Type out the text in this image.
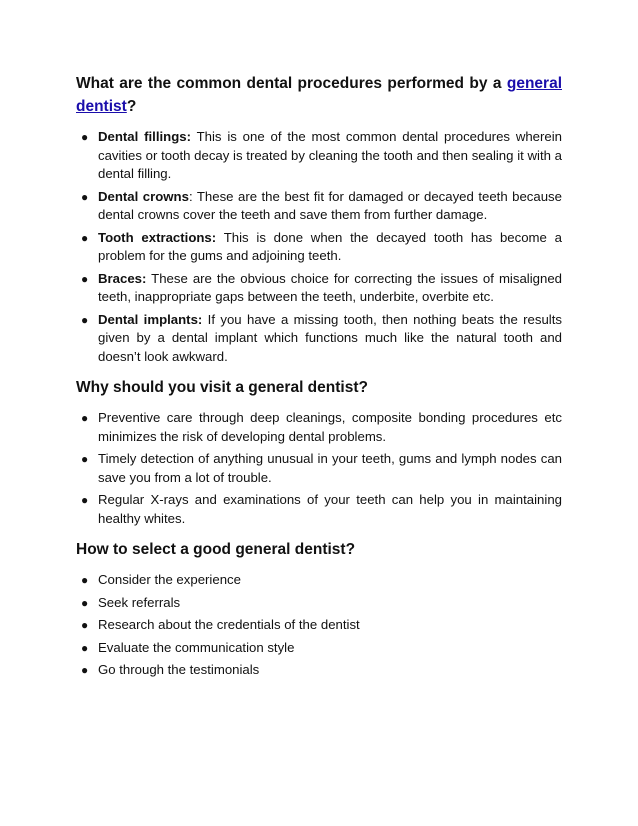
What are the common dental procedures performed by a general dentist?
● Dental fillings: This is one of the most common dental procedures wherein cavities or tooth decay is treated by cleaning the tooth and then sealing it with a dental filling.
● Dental crowns: These are the best fit for damaged or decayed teeth because dental crowns cover the teeth and save them from further damage.
● Tooth extractions: This is done when the decayed tooth has become a problem for the gums and adjoining teeth.
● Braces: These are the obvious choice for correcting the issues of misaligned teeth, inappropriate gaps between the teeth, underbite, overbite etc.
● Dental implants: If you have a missing tooth, then nothing beats the results given by a dental implant which functions much like the natural tooth and doesn’t look awkward.
Why should you visit a general dentist?
● Preventive care through deep cleanings, composite bonding procedures etc minimizes the risk of developing dental problems.
● Timely detection of anything unusual in your teeth, gums and lymph nodes can save you from a lot of trouble.
● Regular X-rays and examinations of your teeth can help you in maintaining healthy whites.
How to select a good general dentist?
● Consider the experience
● Seek referrals
● Research about the credentials of the dentist
● Evaluate the communication style
● Go through the testimonials
